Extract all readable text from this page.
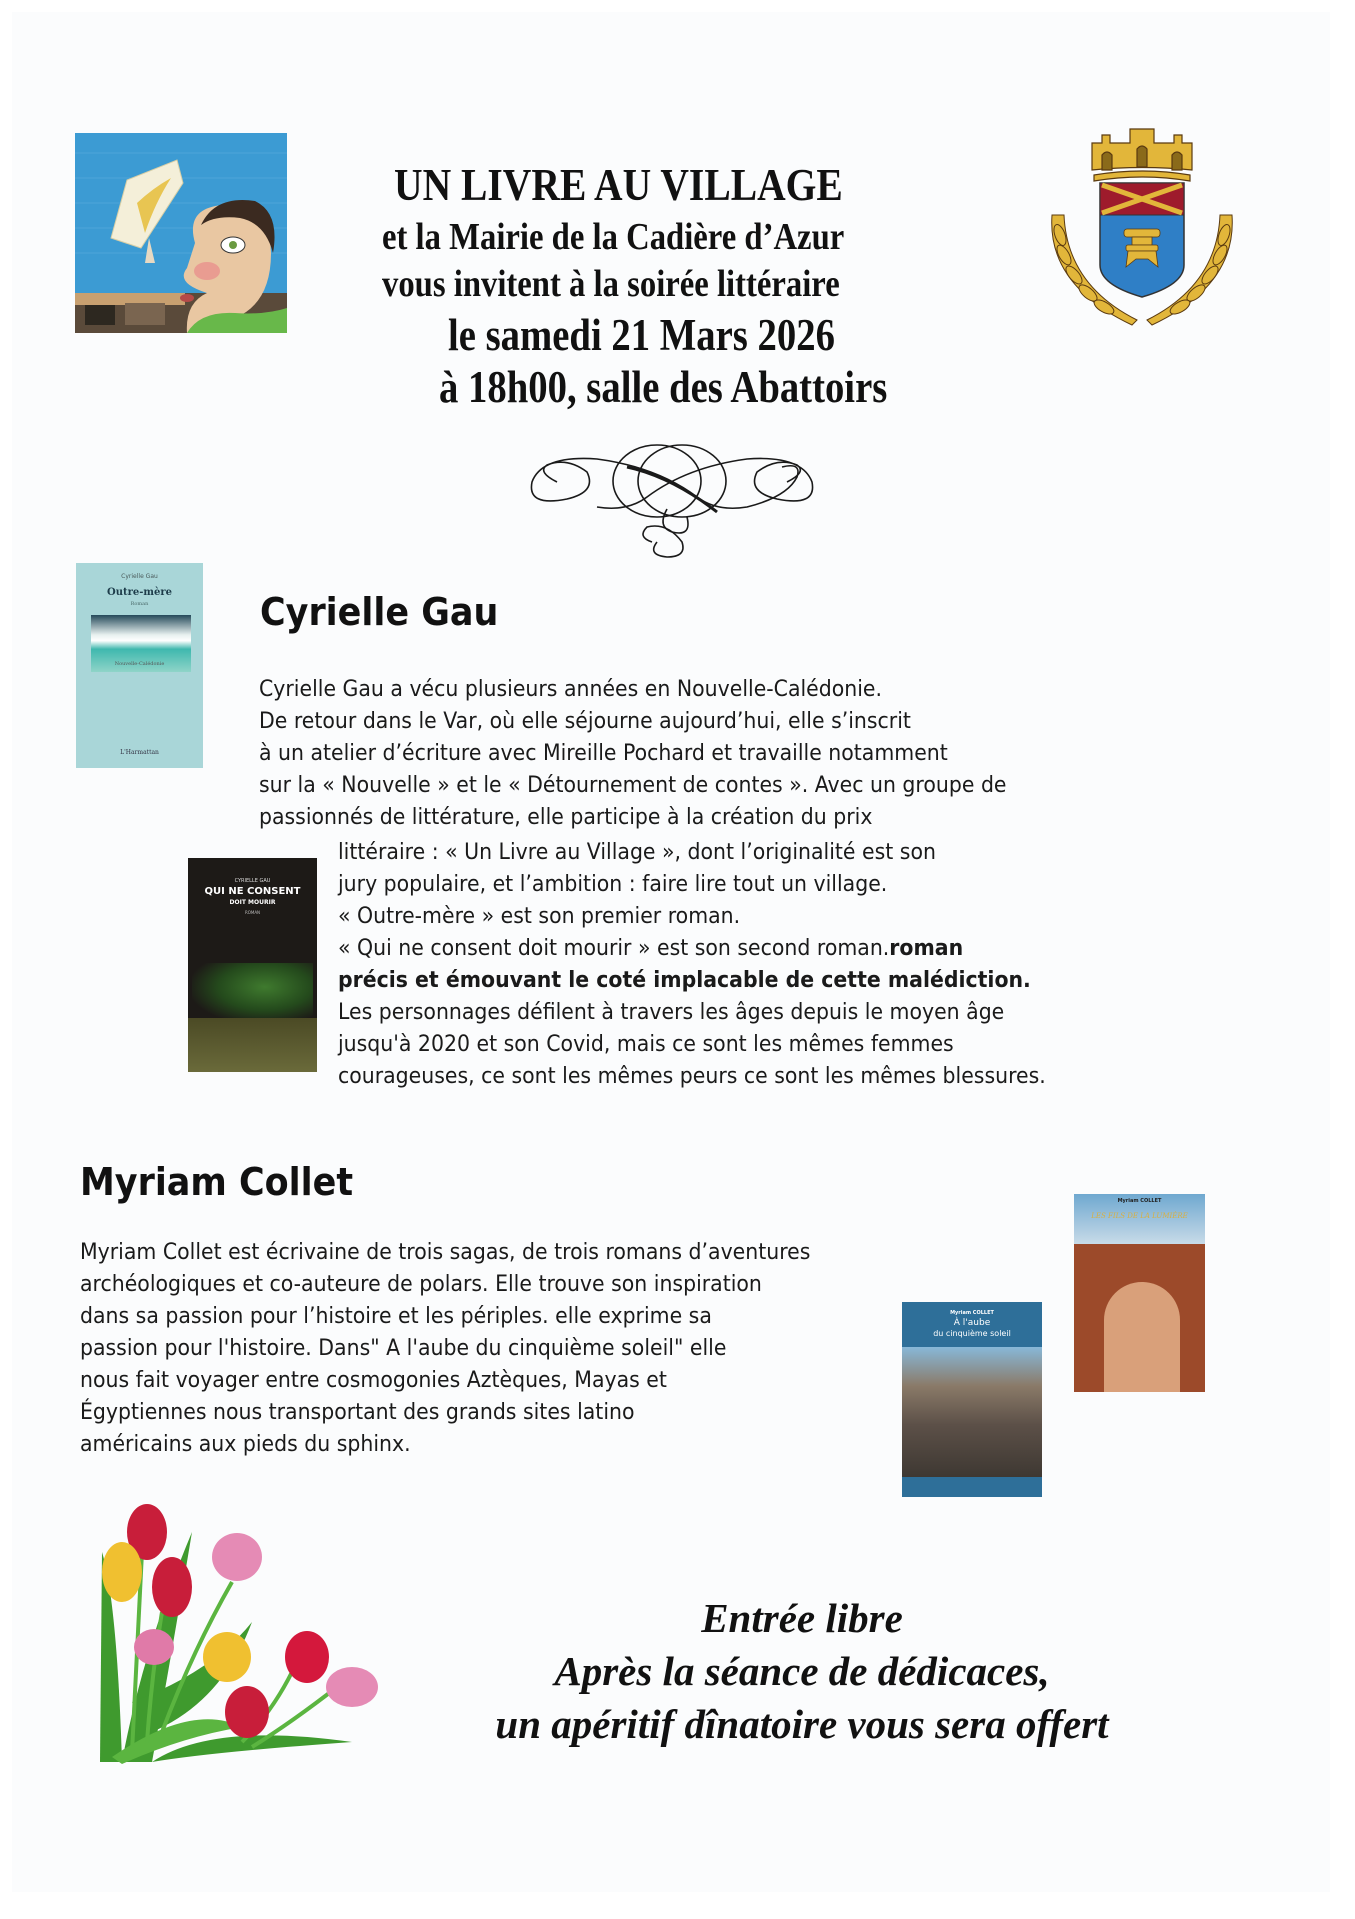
UN LIVRE AU VILLAGE
et la Mairie de la Cadière d’Azur
vous invitent à la soirée littéraire
le samedi 21 Mars 2026
à 18h00, salle des Abattoirs
Cyrielle Gau
Outre-mère
Roman
Nouvelle-Calédonie
L'Harmattan
Cyrielle Gau
Cyrielle Gau a vécu plusieurs années en Nouvelle-Calédonie.
De retour dans le Var, où elle séjourne aujourd’hui, elle s’inscrit
à un atelier d’écriture avec Mireille Pochard et travaille notamment
sur la « Nouvelle » et le « Détournement de contes ». Avec un groupe de
passionnés de littérature, elle participe à la création du prix
CYRIELLE GAU
QUI NE CONSENT
DOIT MOURIR
ROMAN
littéraire : « Un Livre au Village », dont l’originalité est son
jury populaire, et l’ambition : faire lire tout un village.
« Outre-mère » est son premier roman.
« Qui ne consent doit mourir » est son second roman.roman
précis et émouvant le coté implacable de cette malédiction.
Les personnages défilent à travers les âges depuis le moyen âge
jusqu'à 2020 et son Covid, mais ce sont les mêmes femmes
courageuses, ce sont les mêmes peurs ce sont les mêmes blessures.
Myriam Collet
Myriam Collet est écrivaine de trois sagas, de trois romans d’aventures
archéologiques et co-auteure de polars. Elle trouve son inspiration
dans sa passion pour l’histoire et les périples. elle exprime sa
passion pour l'histoire. Dans" A l'aube du cinquième soleil" elle
nous fait voyager entre cosmogonies Aztèques, Mayas et
Égyptiennes nous transportant des grands sites latino
américains aux pieds du sphinx.
Myriam COLLET
À l'aube
du cinquième soleil
Myriam COLLET
LES FILS DE LA LUMIÈRE
Entrée libre
Après la séance de dédicaces,
un apéritif dînatoire vous sera offert
